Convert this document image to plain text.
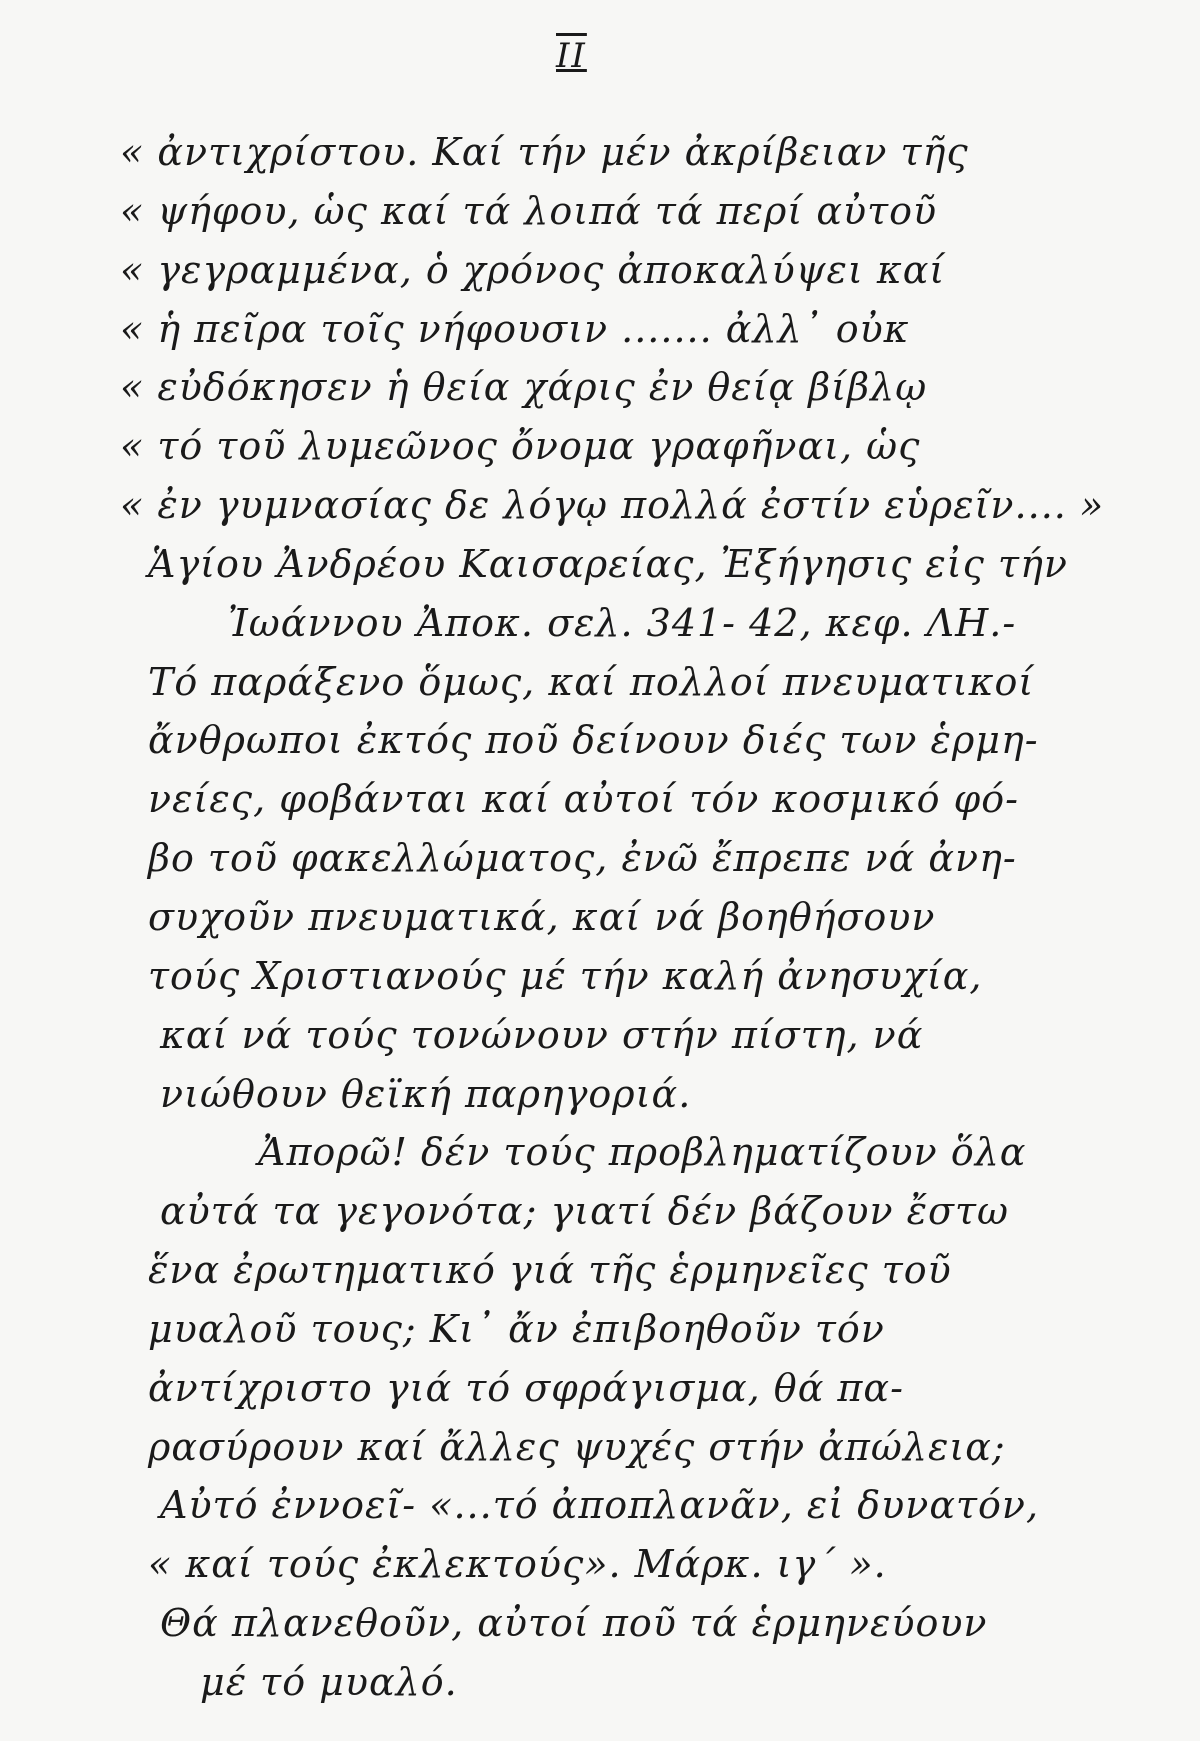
II
« ἀντιχρίστου. Καί τήν μέν ἀκρίβειαν τῆς
« ψήφου, ὡς καί τά λοιπά τά περί αὐτοῦ
« γεγραμμένα, ὁ χρόνος ἀποκαλύψει καί
« ἡ πεῖρα τοῖς νήφουσιν ....... ἀλλ᾽ οὐκ
« εὐδόκησεν ἡ θεία χάρις ἐν θείᾳ βίβλῳ
« τό τοῦ λυμεῶνος ὄνομα γραφῆναι, ὡς
« ἐν γυμνασίας δε λόγῳ πολλά ἐστίν εὑρεῖν.... »
Ἁγίου Ἀνδρέου Καισαρείας, Ἐξήγησις εἰς τήν
Ἰωάννου Ἀποκ. σελ. 341- 42, κεφ. ΛΗ.-
Τό παράξενο ὅμως, καί πολλοί πνευματικοί
ἄνθρωποι ἐκτός ποῦ δείνουν διές των ἑρμη-
νείες, φοβάνται καί αὐτοί τόν κοσμικό φό-
βο τοῦ φακελλώματος, ἐνῶ ἔπρεπε νά ἀνη-
συχοῦν πνευματικά, καί νά βοηθήσουν
τούς Χριστιανούς μέ τήν καλή ἀνησυχία,
καί νά τούς τονώνουν στήν πίστη, νά
νιώθουν θεϊκή παρηγοριά.
Ἀπορῶ! δέν τούς προβληματίζουν ὅλα
αὐτά τα γεγονότα; γιατί δέν βάζουν ἔστω
ἕνα ἐρωτηματικό γιά τῆς ἑρμηνεῖες τοῦ
μυαλοῦ τους; Κι᾽ ἄν ἐπιβοηθοῦν τόν
ἀντίχριστο γιά τό σφράγισμα, θά πα-
ρασύρουν καί ἄλλες ψυχές στήν ἀπώλεια;
Αὐτό ἐννοεῖ- «...τό ἀποπλανᾶν, εἰ δυνατόν,
« καί τούς ἐκλεκτούς». Μάρκ. ιγ΄ ».
Θά πλανεθοῦν, αὐτοί ποῦ τά ἑρμηνεύουν
μέ τό μυαλό.
